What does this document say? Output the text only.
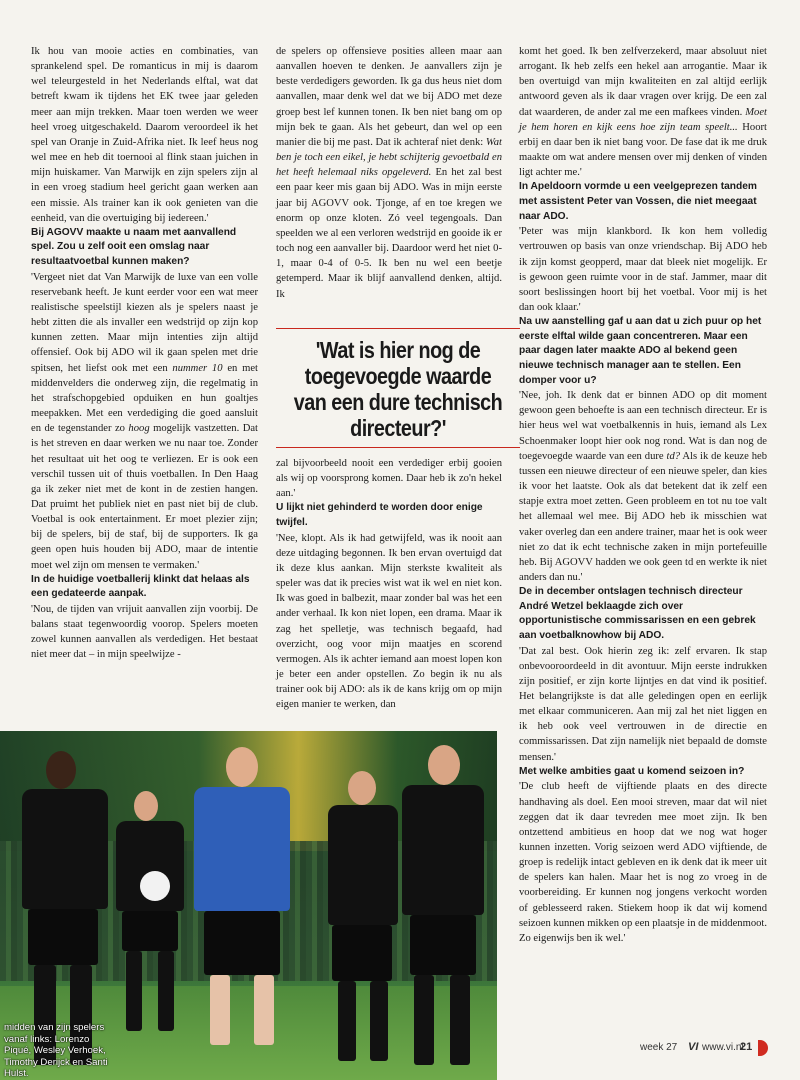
Ik hou van mooie acties en combinaties, van sprankelend spel. De romanticus in mij is daarom wel teleurgesteld in het Nederlands elftal, wat dat betreft kwam ik tijdens het EK twee jaar geleden meer aan mijn trekken. Maar toen werden we weer heel vroeg uitgeschakeld. Daarom veroordeel ik het spel van Oranje in Zuid-Afrika niet. Ik leef heus nog wel mee en heb dit toernooi al flink staan juichen in mijn huiskamer. Van Marwijk en zijn spelers zijn al in een vroeg stadium heel gericht gaan werken aan een missie. Als trainer kan ik ook genieten van die eenheid, van die overtuiging bij iedereen.'

Bij AGOVV maakte u naam met aanvallend spel. Zou u zelf ooit een omslag naar resultaatvoetbal kunnen maken?

'Vergeet niet dat Van Marwijk de luxe van een volle reservebank heeft. Je kunt eerder voor een wat meer realistische speelstijl kiezen als je spelers naast je hebt zitten die als invaller een wedstrijd op zijn kop kunnen zetten. Maar mijn intenties zijn altijd offensief. Ook bij ADO wil ik gaan spelen met drie spitsen, het liefst ook met een nummer 10 en met middenvelders die onderweg zijn, die regelmatig in het strafschopgebied opduiken en hun goaltjes meepakken. Met een verdediging die goed aansluit en de tegenstander zo hoog mogelijk vastzetten. Dat is het streven en daar werken we nu naar toe. Zonder het resultaat uit het oog te verliezen. Er is ook een verschil tussen uit of thuis voetballen. In Den Haag ga ik zeker niet met de kont in de zestien hangen. Dat pruimt het publiek niet en past niet bij de club. Voetbal is ook entertainment. Er moet plezier zijn; bij de spelers, bij de staf, bij de supporters. Ik ga geen open huis houden bij ADO, maar de intentie moet wel zijn om mensen te vermaken.'

In de huidige voetballerij klinkt dat helaas als een gedateerde aanpak.

'Nou, de tijden van vrijuit aanvallen zijn voorbij. De balans staat tegenwoordig voorop. Spelers moeten zowel kunnen aanvallen als verdedigen. Het bestaat niet meer dat – in mijn speelwijze -

de spelers op offensieve posities alleen maar aan aanvallen hoeven te denken. Je aanvallers zijn je beste verdedigers geworden. Ik ga dus heus niet dom aanvallen, maar denk wel dat we bij ADO met deze groep best lef kunnen tonen. Ik ben niet bang om op mijn bek te gaan. Als het gebeurt, dan wel op een manier die bij me past. Dat ik achteraf niet denk: Wat ben je toch een eikel, je hebt schijterig gevoetbald en het heeft helemaal niks opgeleverd. En het zal best een paar keer mis gaan bij ADO. Was in mijn eerste jaar bij AGOVV ook. Tjonge, af en toe kregen we enorm op onze kloten. Zó veel tegengoals. Dan speelden we al een verloren wedstrijd en gooide ik er toch nog een aanvaller bij. Daardoor werd het niet 0-1, maar 0-4 of 0-5. Ik ben nu wel een beetje getemperd. Maar ik blijf aanvallend denken, altijd. Ik

'Wat is hier nog de toegevoegde waarde van een dure technisch directeur?'

zal bijvoorbeeld nooit een verdediger erbij gooien als wij op voorsprong komen. Daar heb ik zo'n hekel aan.'

U lijkt niet gehinderd te worden door enige twijfel.

'Nee, klopt. Als ik had getwijfeld, was ik nooit aan deze uitdaging begonnen. Ik ben ervan overtuigd dat ik deze klus aankan. Mijn sterkste kwaliteit als speler was dat ik precies wist wat ik wel en niet kon. Ik was goed in balbezit, maar zonder bal was het een ander verhaal. Ik kon niet lopen, een drama. Maar ik zag het spelletje, was technisch begaafd, had overzicht, oog voor mijn maatjes en scorend vermogen. Als ik achter iemand aan moest lopen kon je beter een ander opstellen. Zo begin ik nu als trainer ook bij ADO: als ik de kans krijg om op mijn eigen manier te werken, dan

komt het goed. Ik ben zelfverzekerd, maar absoluut niet arrogant. Ik heb zelfs een hekel aan arrogantie. Maar ik ben overtuigd van mijn kwaliteiten en zal altijd eerlijk antwoord geven als ik daar vragen over krijg. De een zal dat waarderen, de ander zal me een mafkees vinden. Moet je hem horen en kijk eens hoe zijn team speelt... Hoort erbij en daar ben ik niet bang voor. De fase dat ik me druk maakte om wat andere mensen over mij denken of vinden ligt achter me.'

In Apeldoorn vormde u een veelgeprezen tandem met assistent Peter van Vossen, die niet meegaat naar ADO.

'Peter was mijn klankbord. Ik kon hem volledig vertrouwen op basis van onze vriendschap. Bij ADO heb ik zijn komst geopperd, maar dat bleek niet mogelijk. Er is gewoon geen ruimte voor in de staf. Jammer, maar dit soort beslissingen hoort bij het voetbal. Voor mij is het dan ook klaar.'

Na uw aanstelling gaf u aan dat u zich puur op het eerste elftal wilde gaan concentreren. Maar een paar dagen later maakte ADO al bekend geen nieuwe technisch manager aan te stellen. Een domper voor u?

'Nee, joh. Ik denk dat er binnen ADO op dit moment gewoon geen behoefte is aan een technisch directeur. Er is hier heus wel wat voetbalkennis in huis, iemand als Lex Schoenmaker loopt hier ook nog rond. Wat is dan nog de toegevoegde waarde van een dure td? Als ik de keuze heb tussen een nieuwe directeur of een nieuwe speler, dan kies ik voor het laatste. Ook als dat betekent dat ik zelf een stapje extra moet zetten. Geen probleem en tot nu toe valt het allemaal wel mee. Bij ADO heb ik misschien wat vaker overleg dan een andere trainer, maar het is ook weer niet zo dat ik echt technische zaken in mijn portefeuille heb. Bij AGOVV hadden we ook geen td en werkte ik niet anders dan nu.'

De in december ontslagen technisch directeur André Wetzel beklaagde zich over opportunistische commissarissen en een gebrek aan voetbalknowhow bij ADO.

'Dat zal best. Ook hierin zeg ik: zelf ervaren. Ik stap onbevooroordeeld in dit avontuur. Mijn eerste indrukken zijn positief, er zijn korte lijntjes en dat vind ik positief. Het belangrijkste is dat alle geledingen open en eerlijk met elkaar communiceren. Aan mij zal het niet liggen en ik heb ook veel vertrouwen in de directie en commissarissen. Dat zijn namelijk niet bepaald de domste mensen.'

Met welke ambities gaat u komend seizoen in?

'De club heeft de vijftiende plaats en des directe handhaving als doel. Een mooi streven, maar dat wil niet zeggen dat ik daar tevreden mee moet zijn. Ik ben ontzettend ambitieus en hoop dat we nog wat hoger kunnen inzetten. Vorig seizoen werd ADO vijftiende, de groep is redelijk intact gebleven en ik denk dat ik meer uit de spelers kan halen. Maar het is nog zo vroeg in de voorbereiding. Er kunnen nog jongens verkocht worden of geblesseerd raken. Stiekem hoop ik dat wij komend seizoen kunnen mikken op een plaatsje in de middenmoot. Zo eigenwijs ben ik wel.'

midden van zijn spelers vanaf links: Lorenzo Piqué, Wesley Verhoek, Timothy Derijck en Santi Hulst.
week 27 VI www.vi.nl
21
